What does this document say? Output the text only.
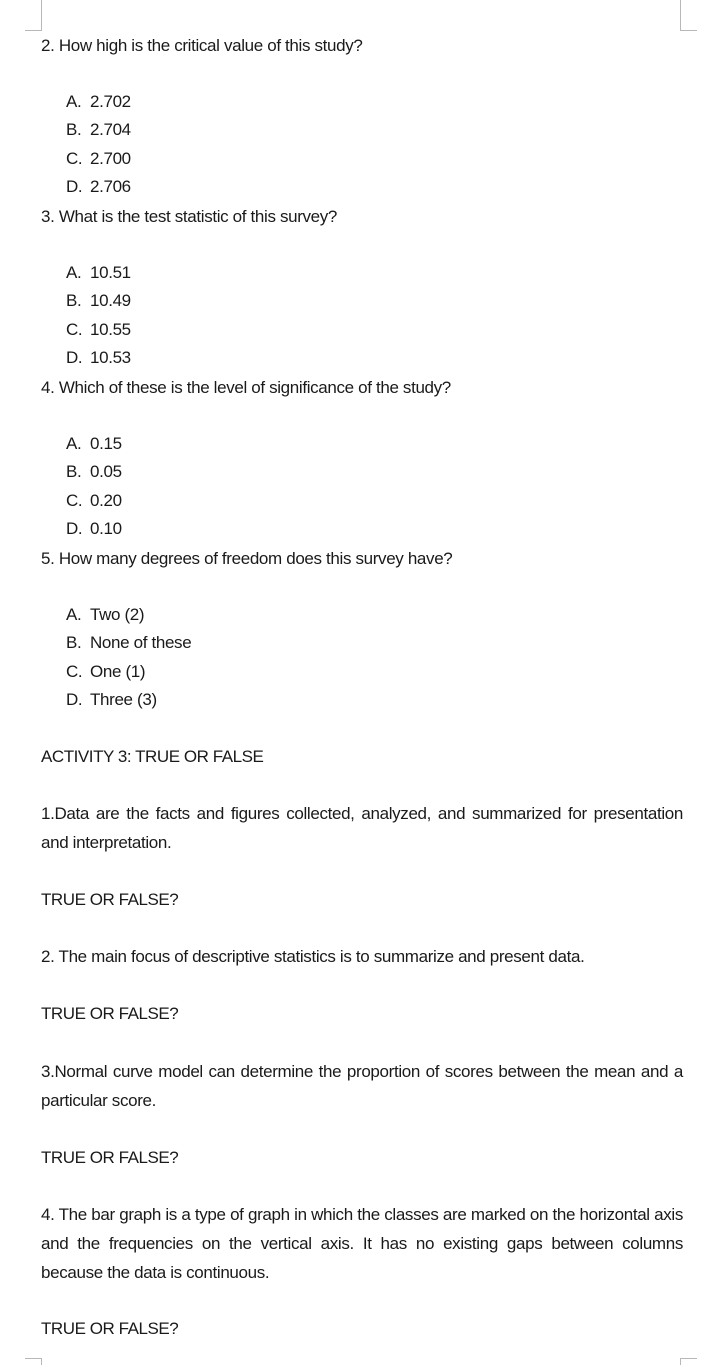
2. How high is the critical value of this study?
A. 2.702
B. 2.704
C. 2.700
D. 2.706
3. What is the test statistic of this survey?
A. 10.51
B. 10.49
C. 10.55
D. 10.53
4. Which of these is the level of significance of the study?
A. 0.15
B. 0.05
C. 0.20
D. 0.10
5. How many degrees of freedom does this survey have?
A. Two (2)
B. None of these
C. One (1)
D. Three (3)
ACTIVITY 3: TRUE OR FALSE
1.Data are the facts and figures collected, analyzed, and summarized for presentation and interpretation.
TRUE OR FALSE?
2. The main focus of descriptive statistics is to summarize and present data.
TRUE OR FALSE?
3.Normal curve model can determine the proportion of scores between the mean and a particular score.
TRUE OR FALSE?
4. The bar graph is a type of graph in which the classes are marked on the horizontal axis and the frequencies on the vertical axis. It has no existing gaps between columns because the data is continuous.
TRUE OR FALSE?
